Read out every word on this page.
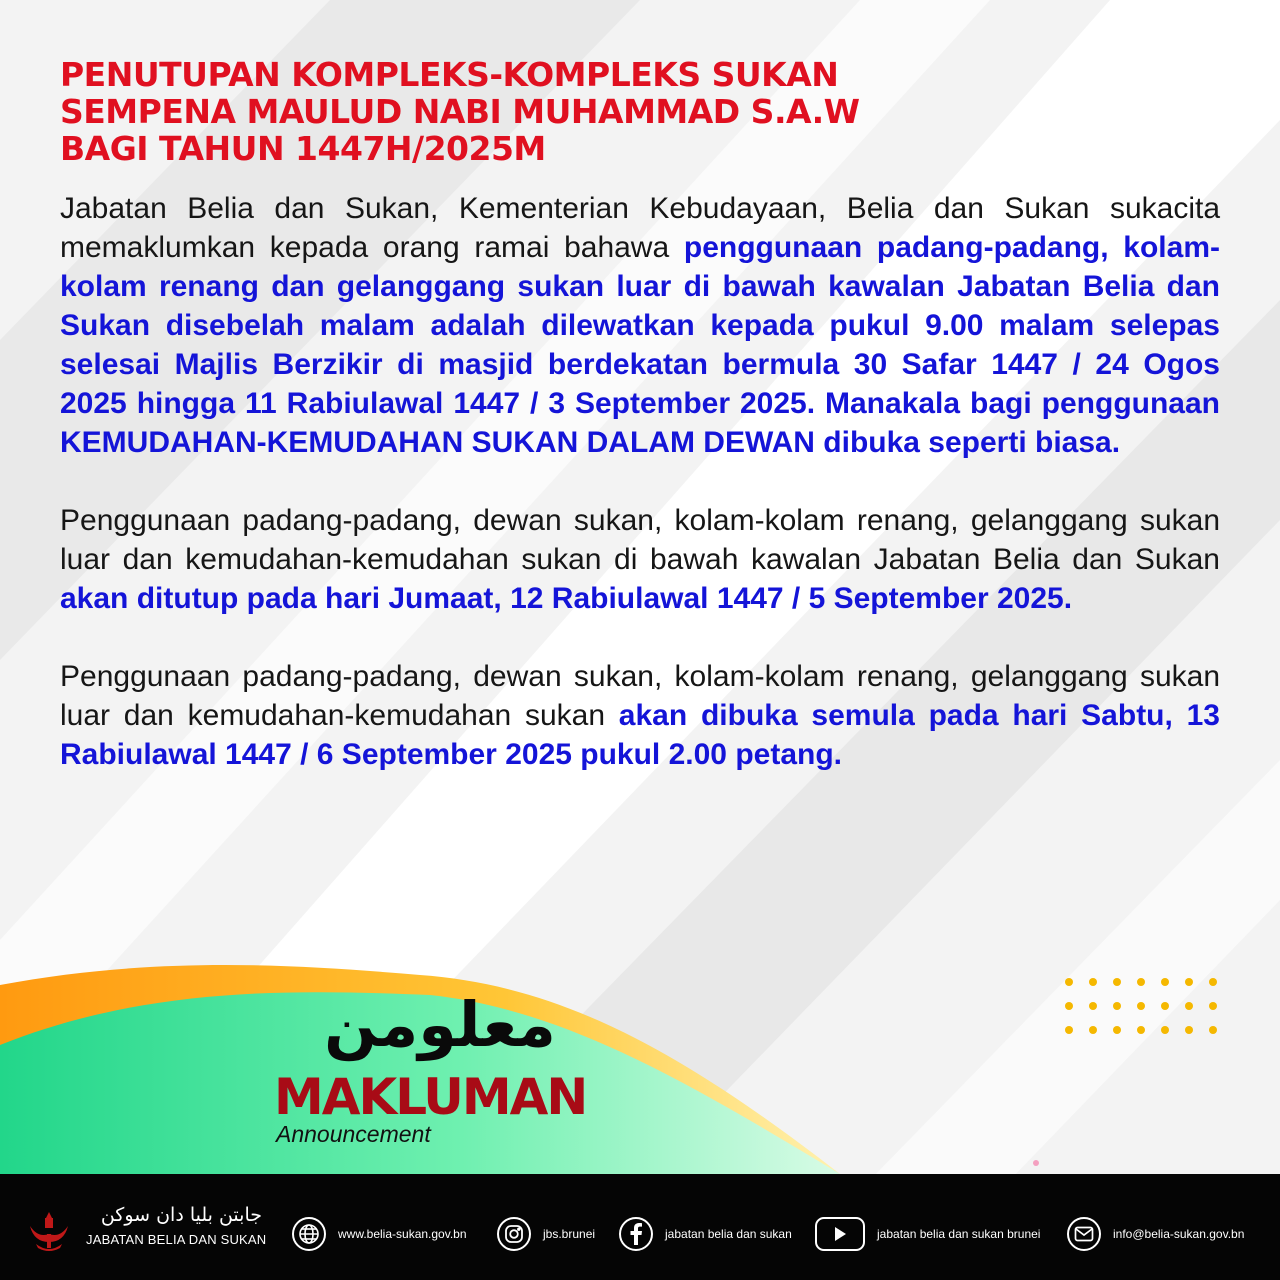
PENUTUPAN KOMPLEKS-KOMPLEKS SUKAN
SEMPENA MAULUD NABI MUHAMMAD S.A.W
BAGI TAHUN 1447H/2025M

Jabatan Belia dan Sukan, Kementerian Kebudayaan, Belia dan Sukan sukacita memaklumkan kepada orang ramai bahawa penggunaan padang-padang, kolam-kolam renang dan gelanggang sukan luar di bawah kawalan Jabatan Belia dan Sukan disebelah malam adalah dilewatkan kepada pukul 9.00 malam selepas selesai Majlis Berzikir di masjid berdekatan bermula 30 Safar 1447 / 24 Ogos 2025 hingga 11 Rabiulawal 1447 / 3 September 2025. Manakala bagi penggunaan KEMUDAHAN-KEMUDAHAN SUKAN DALAM DEWAN dibuka seperti biasa.

Penggunaan padang-padang, dewan sukan, kolam-kolam renang, gelanggang sukan luar dan kemudahan-kemudahan sukan di bawah kawalan Jabatan Belia dan Sukan akan ditutup pada hari Jumaat, 12 Rabiulawal 1447 / 5 September 2025.

Penggunaan padang-padang, dewan sukan, kolam-kolam renang, gelanggang sukan luar dan kemudahan-kemudahan sukan akan dibuka semula pada hari Sabtu, 13 Rabiulawal 1447 / 6 September 2025 pukul 2.00 petang.

معلومن
MAKLUMAN
Announcement
جابتن بليا دان سوكن
JABATAN BELIA DAN SUKAN	www.belia-sukan.gov.bn	jbs.brunei	jabatan belia dan sukan	jabatan belia dan sukan brunei	info@belia-sukan.gov.bn
